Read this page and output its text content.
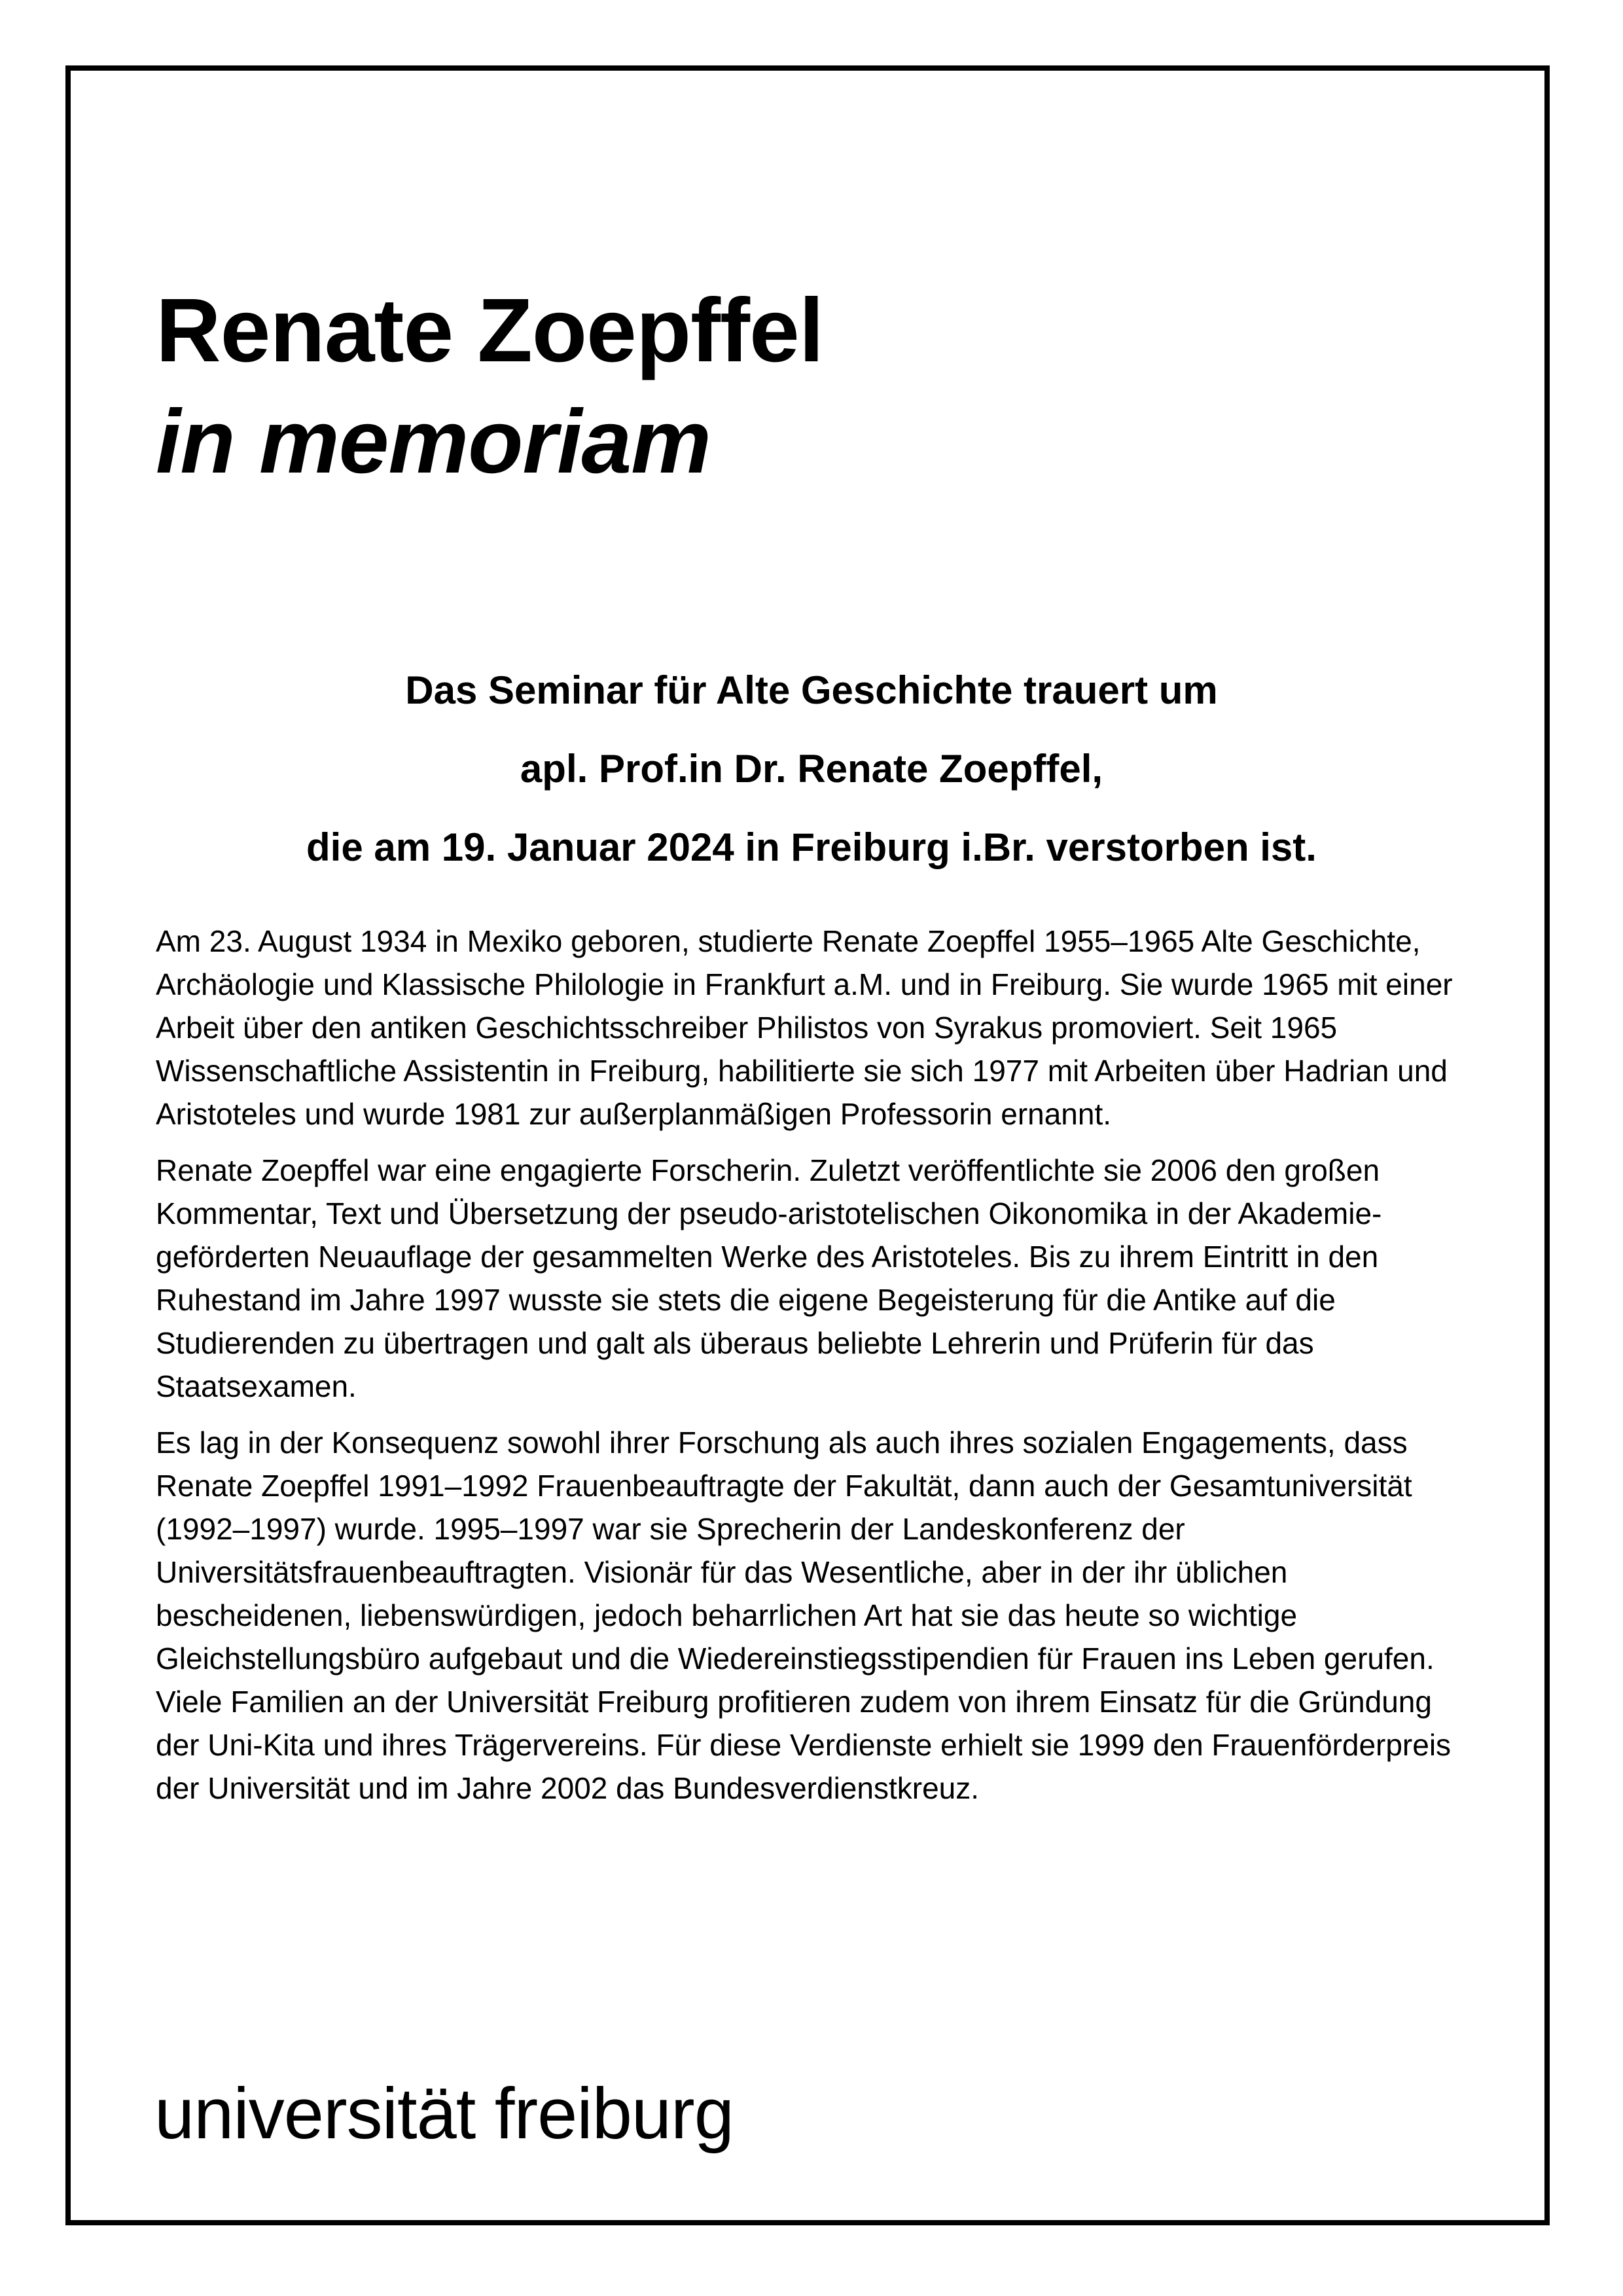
Renate Zoepffel
in memoriam
Das Seminar für Alte Geschichte trauert um
apl. Prof.in Dr. Renate Zoepffel,
die am 19. Januar 2024 in Freiburg i.Br. verstorben ist.

Am 23. August 1934 in Mexiko geboren, studierte Renate Zoepffel 1955–1965 Alte Geschichte, Archäologie und Klassische Philologie in Frankfurt a.M. und in Freiburg. Sie wurde 1965 mit einer Arbeit über den antiken Geschichtsschreiber Philistos von Syrakus promoviert. Seit 1965 Wissenschaftliche Assistentin in Freiburg, habilitierte sie sich 1977 mit Arbeiten über Hadrian und Aristoteles und wurde 1981 zur außerplanmäßigen Professorin ernannt.

Renate Zoepffel war eine engagierte Forscherin. Zuletzt veröffentlichte sie 2006 den großen Kommentar, Text und Übersetzung der pseudo-aristotelischen Oikonomika in der Akademie-geförderten Neuauflage der gesammelten Werke des Aristoteles. Bis zu ihrem Eintritt in den Ruhestand im Jahre 1997 wusste sie stets die eigene Begeisterung für die Antike auf die Studierenden zu übertragen und galt als überaus beliebte Lehrerin und Prüferin für das Staatsexamen.

Es lag in der Konsequenz sowohl ihrer Forschung als auch ihres sozialen Engagements, dass Renate Zoepffel 1991–1992 Frauenbeauftragte der Fakultät, dann auch der Gesamtuniversität (1992–1997) wurde. 1995–1997 war sie Sprecherin der Landeskonferenz der Universitätsfrauenbeauftragten. Visionär für das Wesentliche, aber in der ihr üblichen bescheidenen, liebenswürdigen, jedoch beharrlichen Art hat sie das heute so wichtige Gleichstellungsbüro aufgebaut und die Wiedereinstiegsstipendien für Frauen ins Leben gerufen. Viele Familien an der Universität Freiburg profitieren zudem von ihrem Einsatz für die Gründung der Uni-Kita und ihres Trägervereins. Für diese Verdienste erhielt sie 1999 den Frauenförderpreis der Universität und im Jahre 2002 das Bundesverdienstkreuz.

universität freiburg
